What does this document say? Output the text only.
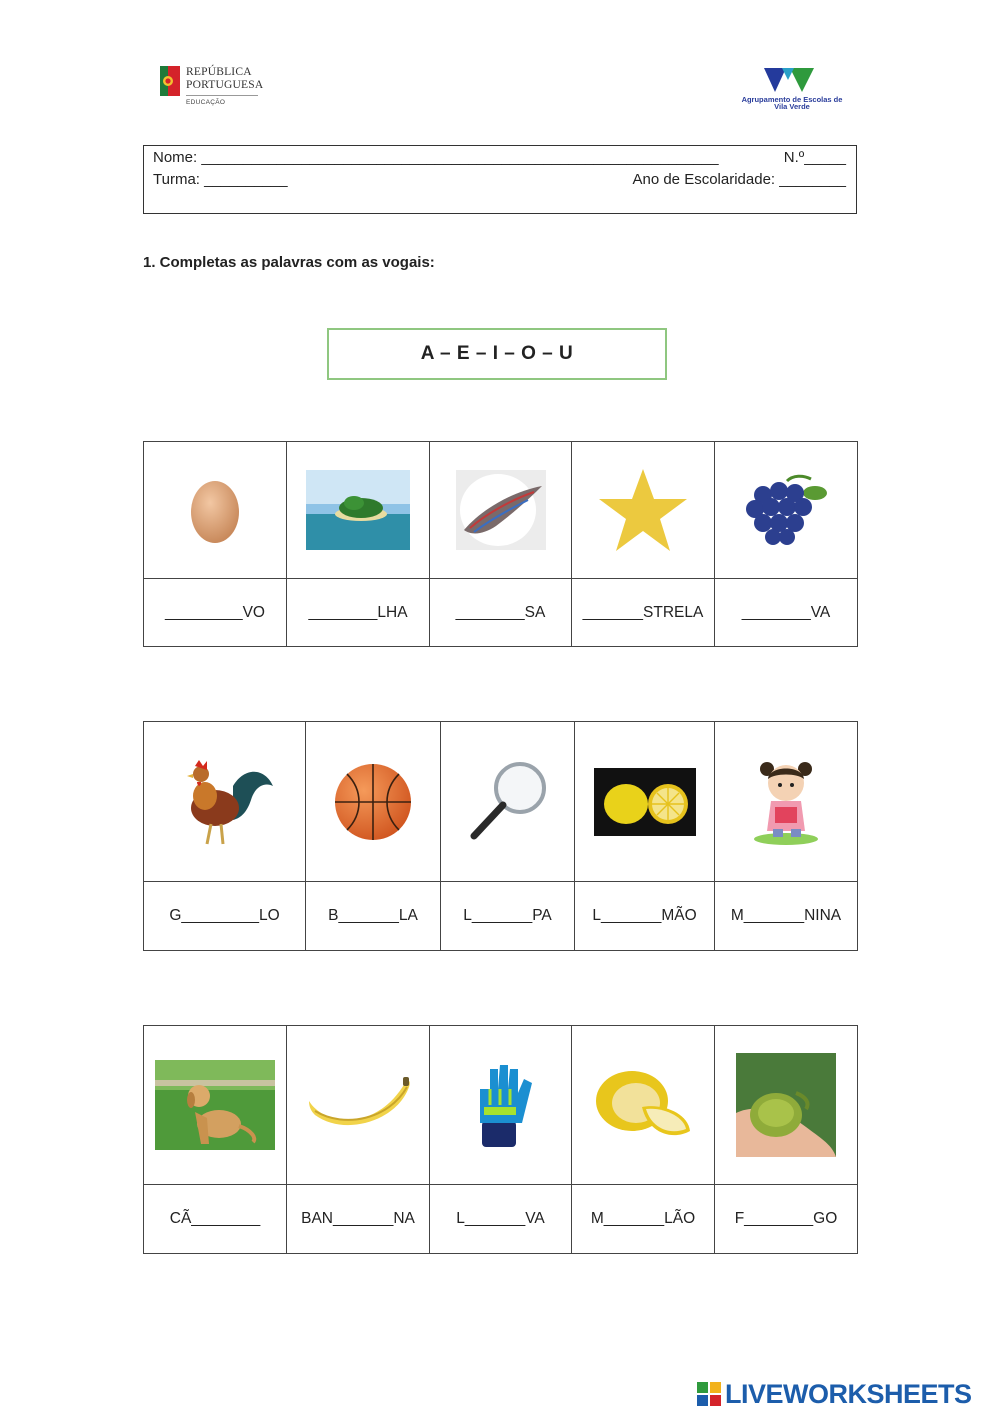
REPÚBLICA
PORTUGUESA
EDUCAÇÃO	Agrupamento de Escolas de
Vila Verde
Nome: ______________________________________________________________	N.º_____
Turma: __________	Ano de Escolaridade: ________
1. Completas as palavras com as vogais:
A – E – I – O – U

_________VO	________LHA	________SA	_______STRELA	________VA

G_________LO	B_______LA	L_______PA	L_______MÃO	M_______NINA

CÃ________	BAN_______NA	L_______VA	M_______LÃO	F________GO
LIVEWORKSHEETS
